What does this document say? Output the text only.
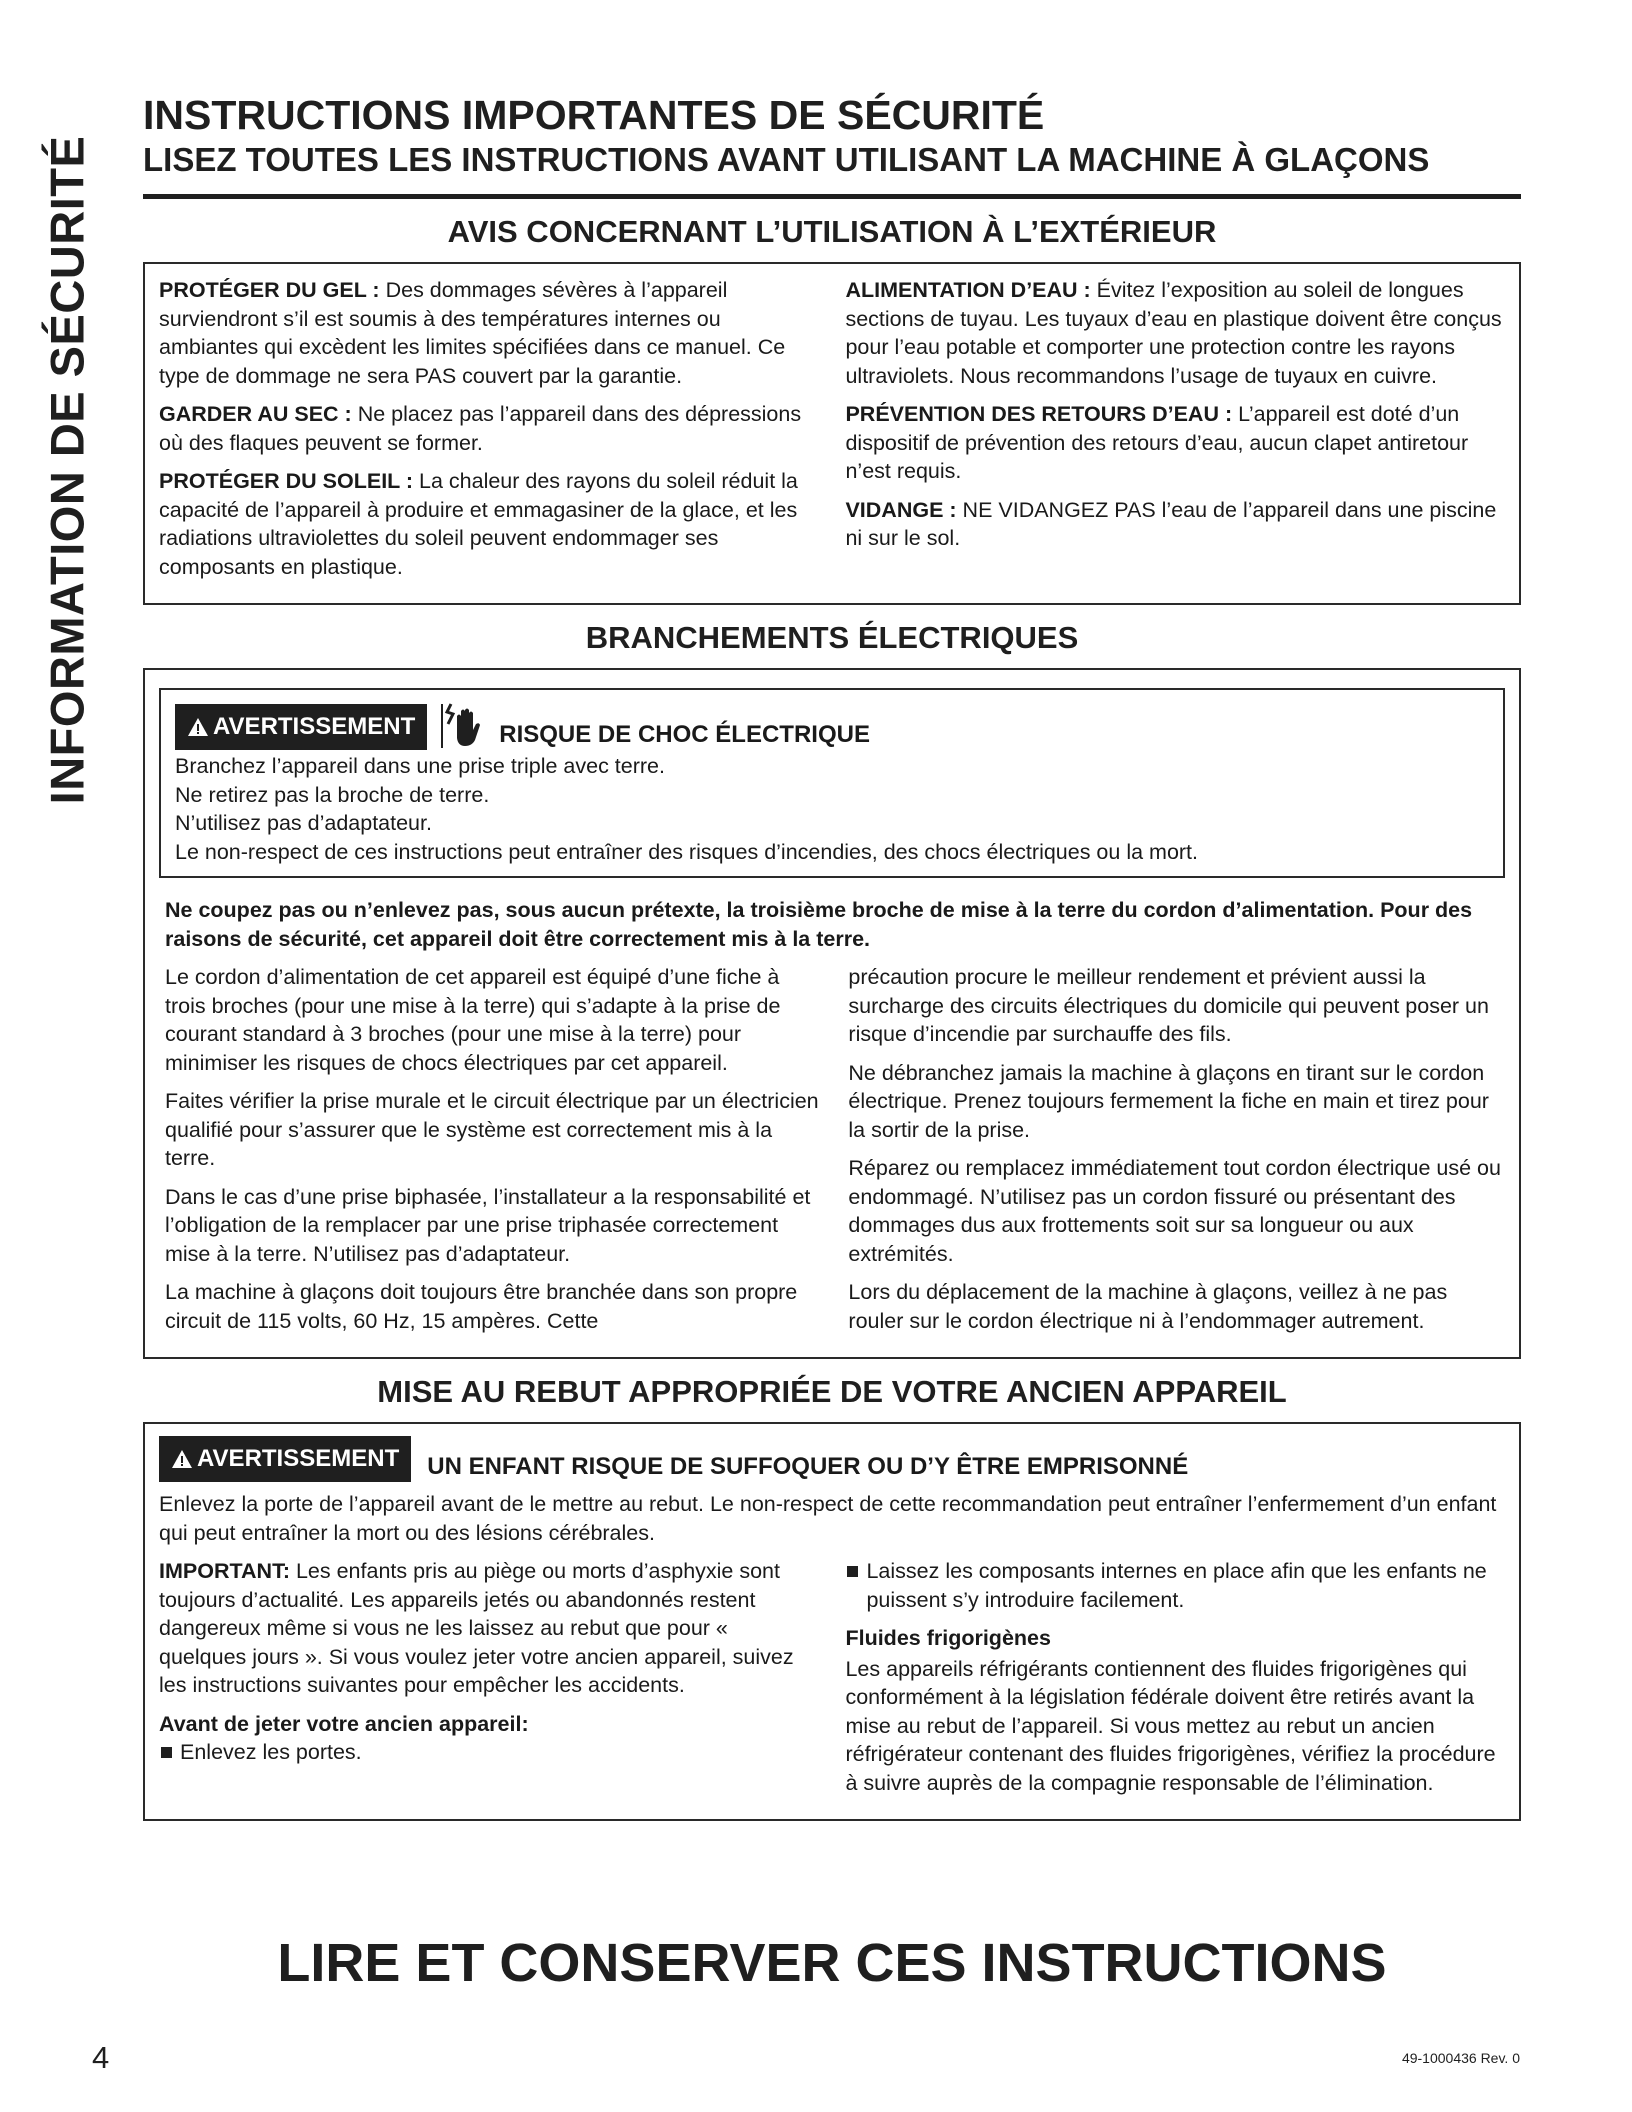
INFORMATION DE SÉCURITÉ
INSTRUCTIONS IMPORTANTES DE SÉCURITÉ
LISEZ TOUTES LES INSTRUCTIONS AVANT UTILISANT LA MACHINE À GLAÇONS
AVIS CONCERNANT L’UTILISATION À L’EXTÉRIEUR

PROTÉGER DU GEL : Des dommages sévères à l’appareil surviendront s’il est soumis à des températures internes ou ambiantes qui excèdent les limites spécifiées dans ce manuel. Ce type de dommage ne sera PAS couvert par la garantie.

GARDER AU SEC : Ne placez pas l’appareil dans des dépressions où des flaques peuvent se former.

PROTÉGER DU SOLEIL : La chaleur des rayons du soleil réduit la capacité de l’appareil à produire et emmagasiner de la glace, et les radiations ultraviolettes du soleil peuvent endommager ses composants en plastique.

ALIMENTATION D’EAU : Évitez l’exposition au soleil de longues sections de tuyau. Les tuyaux d’eau en plastique doivent être conçus pour l’eau potable et comporter une protection contre les rayons ultraviolets. Nous recommandons l’usage de tuyaux en cuivre.

PRÉVENTION DES RETOURS D’EAU : L’appareil est doté d’un dispositif de prévention des retours d’eau, aucun clapet antiretour n’est requis.

VIDANGE : NE VIDANGEZ PAS l’eau de l’appareil dans une piscine ni sur le sol.

BRANCHEMENTS ÉLECTRIQUES
AVERTISSEMENT	RISQUE DE CHOC ÉLECTRIQUE

Branchez l’appareil dans une prise triple avec terre.

Ne retirez pas la broche de terre.

N’utilisez pas d’adaptateur.

Le non-respect de ces instructions peut entraîner des risques d’incendies, des chocs électriques ou la mort.

Ne coupez pas ou n’enlevez pas, sous aucun prétexte, la troisième broche de mise à la terre du cordon d’alimentation. Pour des raisons de sécurité, cet appareil doit être correctement mis à la terre.

Le cordon d’alimentation de cet appareil est équipé d’une fiche à trois broches (pour une mise à la terre) qui s’adapte à la prise de courant standard à 3 broches (pour une mise à la terre) pour minimiser les risques de chocs électriques par cet appareil.

Faites vérifier la prise murale et le circuit électrique par un électricien qualifié pour s’assurer que le système est correctement mis à la terre.

Dans le cas d’une prise biphasée, l’installateur a la responsabilité et l’obligation de la remplacer par une prise triphasée correctement mise à la terre. N’utilisez pas d’adaptateur.

La machine à glaçons doit toujours être branchée dans son propre circuit de 115 volts, 60 Hz, 15 ampères. Cette

précaution procure le meilleur rendement et prévient aussi la surcharge des circuits électriques du domicile qui peuvent poser un risque d’incendie par surchauffe des fils.

Ne débranchez jamais la machine à glaçons en tirant sur le cordon électrique. Prenez toujours fermement la fiche en main et tirez pour la sortir de la prise.

Réparez ou remplacez immédiatement tout cordon électrique usé ou endommagé. N’utilisez pas un cordon fissuré ou présentant des dommages dus aux frottements soit sur sa longueur ou aux extrémités.

Lors du déplacement de la machine à glaçons, veillez à ne pas rouler sur le cordon électrique ni à l’endommager autrement.

MISE AU REBUT APPROPRIÉE DE VOTRE ANCIEN APPAREIL
AVERTISSEMENT UN ENFANT RISQUE DE SUFFOQUER OU D’Y ÊTRE EMPRISONNÉ

Enlevez la porte de l’appareil avant de le mettre au rebut. Le non-respect de cette recommandation peut entraîner l’enfermement d’un enfant qui peut entraîner la mort ou des lésions cérébrales.

IMPORTANT: Les enfants pris au piège ou morts d’asphyxie sont toujours d’actualité. Les appareils jetés ou abandonnés restent dangereux même si vous ne les laissez au rebut que pour « quelques jours ». Si vous voulez jeter votre ancien appareil, suivez les instructions suivantes pour empêcher les accidents.

Avant de jeter votre ancien appareil:

Enlevez les portes.

Laissez les composants internes en place afin que les enfants ne puissent s’y introduire facilement.

Fluides frigorigènes

Les appareils réfrigérants contiennent des fluides frigorigènes qui conformément à la législation fédérale doivent être retirés avant la mise au rebut de l’appareil. Si vous mettez au rebut un ancien réfrigérateur contenant des fluides frigorigènes, vérifiez la procédure à suivre auprès de la compagnie responsable de l’élimination.

LIRE ET CONSERVER CES INSTRUCTIONS
4	49-1000436 Rev. 0
